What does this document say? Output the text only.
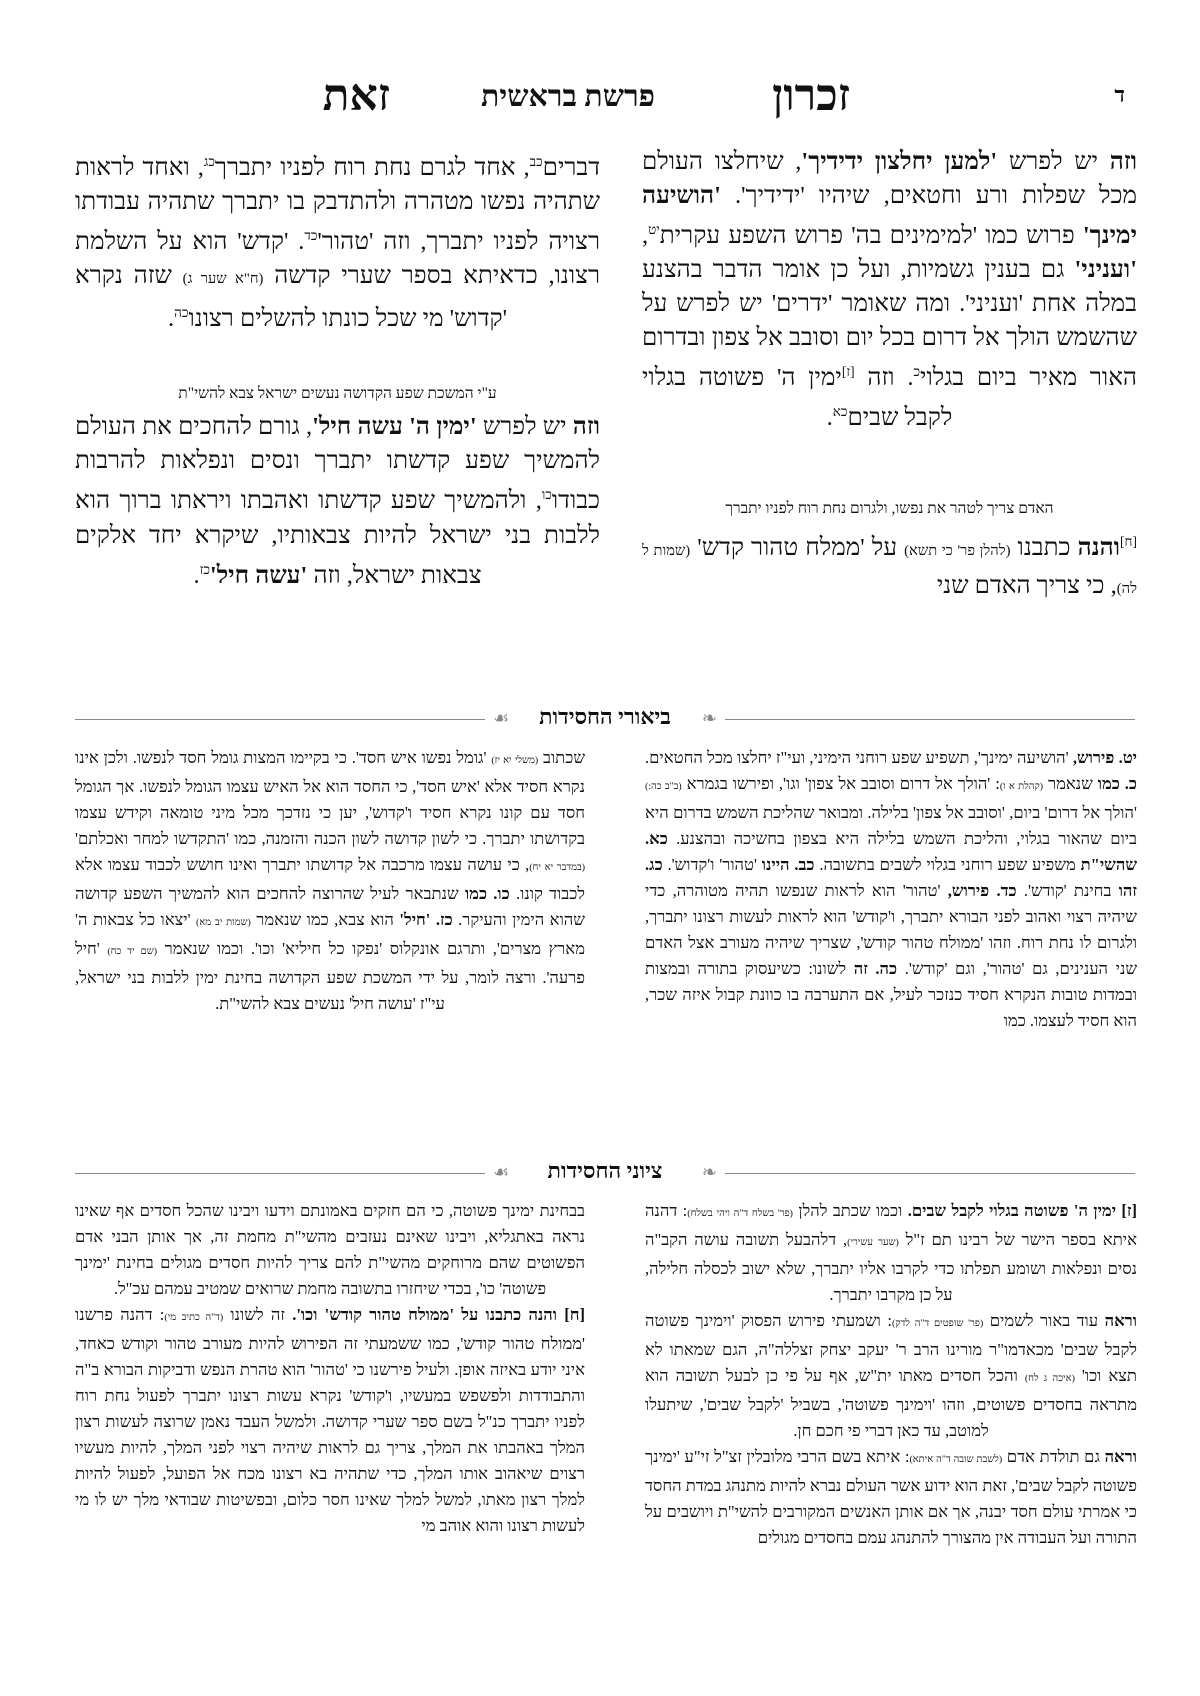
ד
זכרון
פרשת בראשית
זאת

וזה יש לפרש 'למען יחלצון ידידיך', שיחלצו העולם מכל שפלות ורע וחטאים, שיהיו 'ידידיך'. 'הושיעה ימינך' פרוש כמו 'למימינים בה' פרוש השפע עקרית$^{יט}$, 'ועניני' גם בענין גשמיות, ועל כן אומר הדבר בהצנע במלה אחת 'ועניני'. ומה שאומר 'ידרים' יש לפרש על שהשמש הולך אל דרום בכל יום וסובב אל צפון ובדרום האור מאיר ביום בגלוי$^כ$. וזה [ז]ימין ה' פשוטה בגלוי לקבל שבים$^{כא}$.

האדם צריך לטהר את נפשו, ולגרום נחת רוח לפניו יתברך

[ח]והנה כתבנו (להלן פר' כי תשא) על 'ממלח טהור קדש' (שמות ל לה), כי צריך האדם שני

דברים$^{כב}$, אחד לגרם נחת רוח לפניו יתברך$^{כג}$, ואחד לראות שתהיה נפשו מטהרה ולהתדבק בו יתברך שתהיה עבודתו רצויה לפניו יתברך, וזה '$טהור'^{כד}$. 'קדש' הוא על השלמת רצונו, כדאיתא בספר שערי קדשה (ח"א שער ג) שזה נקרא 'קדוש' מי שכל כונתו להשלים רצונו$^{כה}$.

ע"י המשכת שפע הקדושה נעשים ישראל צבא להשי"ת

וזה יש לפרש 'ימין ה' עשה חיל', גורם להחכים את העולם להמשיך שפע קדשתו יתברך ונסים ונפלאות להרבות כבודו$^{כו}$, ולהמשיך שפע קדשתו ואהבתו ויראתו ברוך הוא ללבות בני ישראל להיות צבאותיו, שיקרא יחד אלקים צבאות ישראל, וזה 'עשה $חיל'^{כז}$.

❧
☙ ביאורי החסידות

יט. פירוש, 'הושיעה ימינך', תשפיע שפע רוחני הימיני, ועי"ז יחלצו מכל החטאים. כ. כמו שנאמר (קהלת א ו): 'הולך אל דרום וסובב אל צפון' וגו', ופירשו בגמרא (ב"ב כה:) 'הולך אל דרום' ביום, 'וסובב אל צפון' בלילה. ומבואר שהליכת השמש בדרום היא ביום שהאור בגלוי, והליכת השמש בלילה היא בצפון בחשיכה ובהצנע. כא. שהשי"ת משפיע שפע רוחני בגלוי לשבים בתשובה. כב. היינו 'טהור' ו'קדוש'. כג. זהו בחינת 'קודש'. כד. פירוש, 'טהור' הוא לראות שנפשו תהיה מטוהרה, כדי שיהיה רצוי ואהוב לפני הבורא יתברך, ו'קודש' הוא לראות לעשות רצונו יתברך, ולגרום לו נחת רוח. וזהו 'ממולח טהור קודש', שצריך שיהיה מעורב אצל האדם שני הענינים, גם 'טהור', וגם 'קודש'. כה. זה לשונו: כשיעסוק בתורה ובמצות ובמדות טובות הנקרא חסיד כנזכר לעיל, אם התערבה בו כוונת קבול איזה שכר, הוא חסיד לעצמו. כמו

שכתוב (משלי יא יז) 'גומל נפשו איש חסד'. כי בקיימו המצות גומל חסד לנפשו. ולכן אינו נקרא חסיד אלא 'איש חסד', כי החסד הוא אל האיש עצמו הגומל לנפשו. אך הגומל חסד עם קונו נקרא חסיד ו'קדוש', יען כי נזדכך מכל מיני טומאה וקידש עצמו בקדושתו יתברך. כי לשון קדושה לשון הכנה והזמנה, כמו 'התקדשו למחר ואכלתם' (במדבר יא יח), כי עושה עצמו מרכבה אל קדושתו יתברך ואינו חושש לכבוד עצמו אלא לכבוד קונו. כו. כמו שנתבאר לעיל שהרוצה להחכים הוא להמשיך השפע קדושה שהוא הימין והעיקר. כז. 'חיל' הוא צבא, כמו שנאמר (שמות יב מא) 'יצאו כל צבאות ה' מארץ מצרים', ותרגם אונקלוס 'נפקו כל חיליא' וכו'. וכמו שנאמר (שם יד כח) 'חיל פרעה'. ורצה לומר, על ידי המשכת שפע הקדושה בחינת ימין ללבות בני ישראל, עי"ז 'עושה חיל' נעשים צבא להשי"ת.

❧
☙ ציוני החסידות

[ז] ימין ה' פשוטה בגלוי לקבל שבים. וכמו שכתב להלן (פר' בשלח ד"ה ויהי בשלח): דהנה איתא בספר הישר של רבינו תם ז"ל (שער עשירי), דלהבעל תשובה עושה הקב"ה נסים ונפלאות ושומע תפלתו כדי לקרבו אליו יתברך, שלא ישוב לכסלה חלילה, על כן מקרבו יתברך.

וראה עוד באור לשמים (פר' שופטים ד"ה לדק): ושמעתי פירוש הפסוק 'וימינך פשוטה לקבל שבים' מכאדמו"ר מורינו הרב ר' יעקב יצחק זצללה"ה, הגם שמאתו לא תצא וכו' (איכה ג לח) והכל חסדים מאתו ית"ש, אף על פי כן לבעל תשובה הוא מתראה בחסדים פשוטים, וזהו 'וימינך פשוטה', בשביל 'לקבל שבים', שיתעלו למוטב, עד כאן דברי פי חכם חן.

וראה גם תולדת אדם (לשבת שובה ד"ה איתא): איתא בשם הרבי מלובלין זצ"ל זי"ע 'ימינך פשוטה לקבל שבים', זאת הוא ידוע אשר העולם נברא להיות מתנהג במדת החסד כי אמרתי עולם חסד יבנה, אך אם אותן האנשים המקורבים להשי"ת ויושבים על התורה ועל העבודה אין מהצורך להתנהג עמם בחסדים מגולים

בבחינת ימינך פשוטה, כי הם חזקים באמונתם וידעו ויבינו שהכל חסדים אף שאינו נראה באתגליא, ויבינו שאינם נעזבים מהשי"ת מחמת זה, אך אותן הבני אדם הפשוטים שהם מרוחקים מהשי"ת להם צריך להיות חסדים מגולים בחינת 'ימינך פשוטה' כו', בכדי שיחזרו בתשובה מחמת שרואים שמטיב עמהם עכ"ל.

[ח] והנה כתבנו על 'ממולח טהור קודש' וכו'. זה לשונו (ד"ה כתיב מי): דהנה פרשנו 'ממולח טהור קודש', כמו ששמעתי זה הפירוש להיות מעורב טהור וקודש כאחד, איני יודע באיזה אופן. ולעיל פירשנו כי 'טהור' הוא טהרת הנפש ודביקות הבורא ב"ה והתבודדות ולפשפש במעשיו, ו'קודש' נקרא עשות רצונו יתברך לפעול נחת רוח לפניו יתברך כנ"ל בשם ספר שערי קדושה. ולמשל העבד נאמן שרוצה לעשות רצון המלך באהבתו את המלך, צריך גם לראות שיהיה רצוי לפני המלך, להיות מעשיו רצוים שיאהוב אותו המלך, כדי שתהיה בא רצונו מכח אל הפועל, לפעול להיות למלך רצון מאתו, למשל למלך שאינו חסר כלום, ובפשיטות שבודאי מלך יש לו מי לעשות רצונו והוא אוהב מי
